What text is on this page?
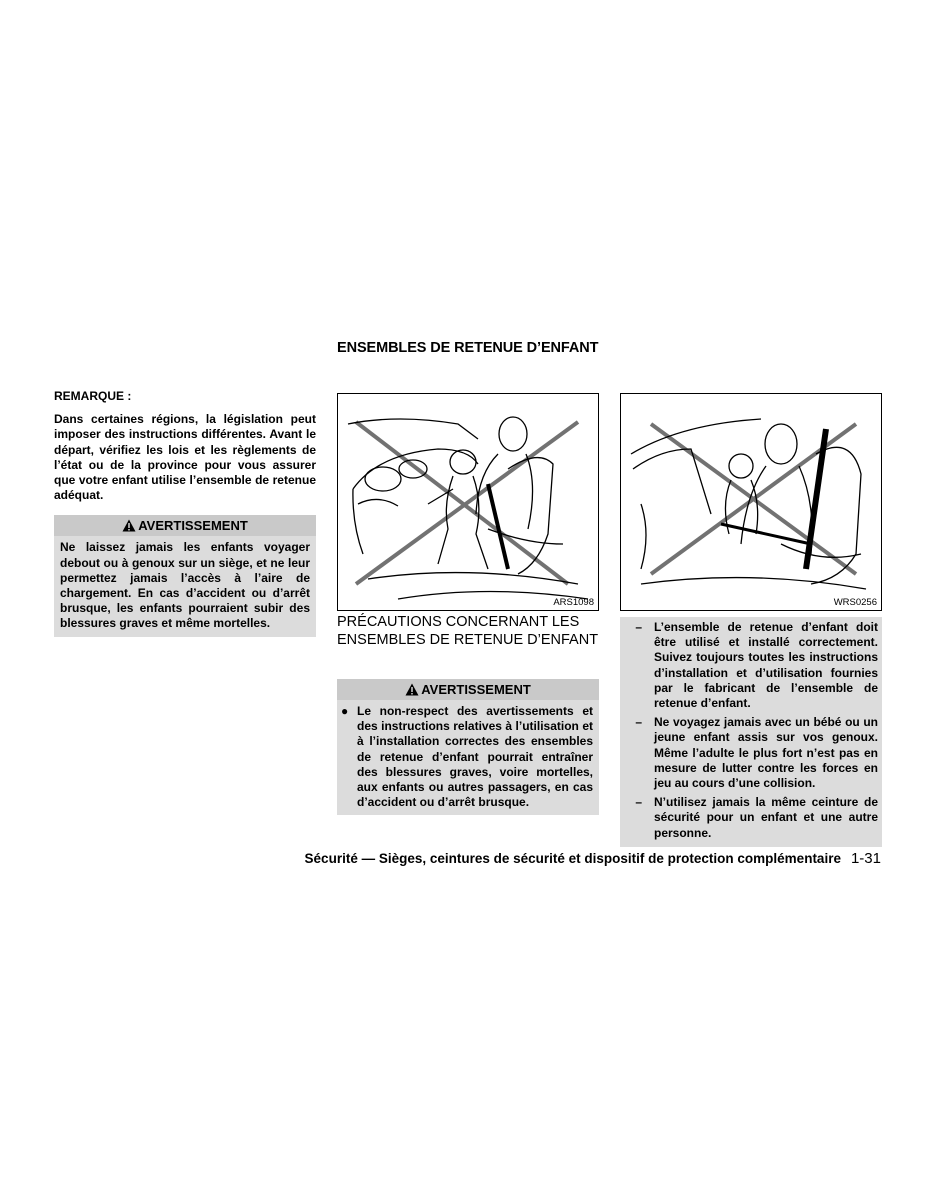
ENSEMBLES DE RETENUE D’ENFANT

REMARQUE :

Dans certaines régions, la législation peut imposer des instructions différentes. Avant le départ, vérifiez les lois et les règlements de l’état ou de la province pour vous assurer que votre enfant utilise l’ensemble de retenue adéquat.

AVERTISSEMENT
Ne laissez jamais les enfants voyager debout ou à genoux sur un siège, et ne leur permettez jamais l’accès à l’aire de chargement. En cas d’accident ou d’arrêt brusque, les enfants pourraient subir des blessures graves et même mortelles.
ARS1098	WRS0256
PRÉCAUTIONS CONCERNANT LES ENSEMBLES DE RETENUE D’ENFANT
AVERTISSEMENT
● Le non-respect des avertissements et des instructions relatives à l’utilisation et à l’installation correctes des ensembles de retenue d’enfant pourrait entraîner des blessures graves, voire mortelles, aux enfants ou autres passagers, en cas d’accident ou d’arrêt brusque.
–	L’ensemble de retenue d’enfant doit être utilisé et installé correctement. Suivez toujours toutes les instructions d’installation et d’utilisation fournies par le fabricant de l’ensemble de retenue d’enfant.
–	Ne voyagez jamais avec un bébé ou un jeune enfant assis sur vos genoux. Même l’adulte le plus fort n’est pas en mesure de lutter contre les forces en jeu au cours d’une collision.
–	N’utilisez jamais la même ceinture de sécurité pour un enfant et une autre personne.
Sécurité — Sièges, ceintures de sécurité et dispositif de protection complémentaire 1-31
